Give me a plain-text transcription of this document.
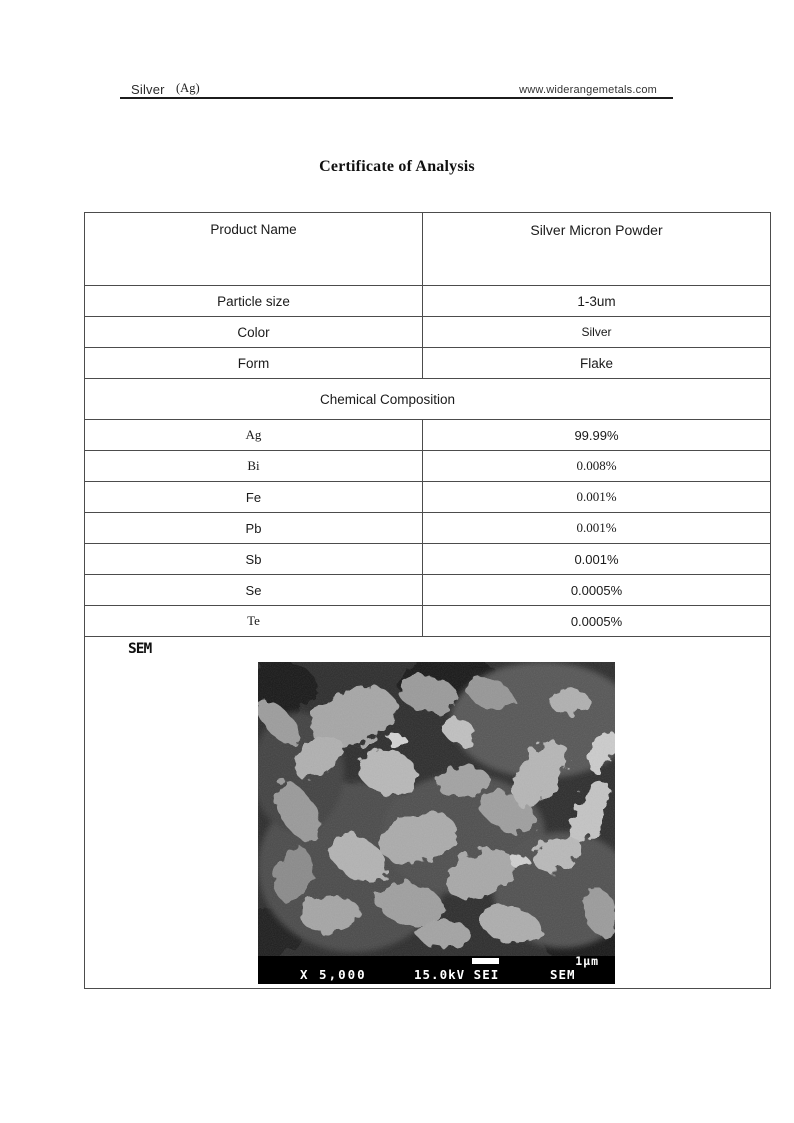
Silver (Ag)	www.widerangemetals.com
Certificate of Analysis
Product Name	Silver Micron Powder
Particle size	1-3um
Color	Silver
Form	Flake
Chemical Composition	
Ag	99.99%
Bi	0.008%
Fe	0.001%
Pb	0.001%
Sb	0.001%
Se	0.0005%
Te	0.0005%

SEM
1µm
X 5,000 15.0kV SEI SEM	
